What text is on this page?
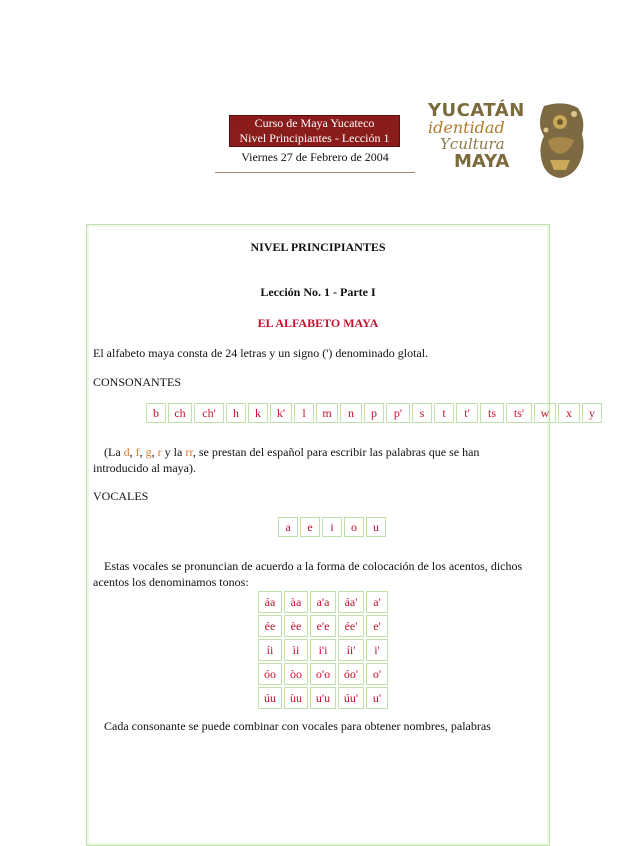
Curso de Maya Yucateco
Nivel Principiantes - Lección 1
Viernes 27 de Febrero de 2004
YUCATÁN
identidad
Ycultura
MAYA
NIVEL PRINCIPIANTES
Lección No. 1 - Parte I
EL ALFABETO MAYA
El alfabeto maya consta de 24 letras y un signo (') denominado glotal.
CONSONANTES
b	ch	ch'	h	k	k'	l	m	n	p	p'	s	t	t'	ts	ts'	w	x	y
(La d, f, g, r y la rr, se prestan del español para escribir las palabras que se han
introducido al maya).
VOCALES
a	e	i	o	u
Estas vocales se pronuncian de acuerdo a la forma de colocación de los acentos, dichos
acentos los denominamos tonos:
áa	àa	a'a	áa'	a'
ée	èe	e'e	ée'	e'
íi	ìi	i'i	íi'	i'
óo	òo	o'o	óo'	o'
úu	ùu	u'u	úu'	u'
Cada consonante se puede combinar con vocales para obtener nombres, palabras
